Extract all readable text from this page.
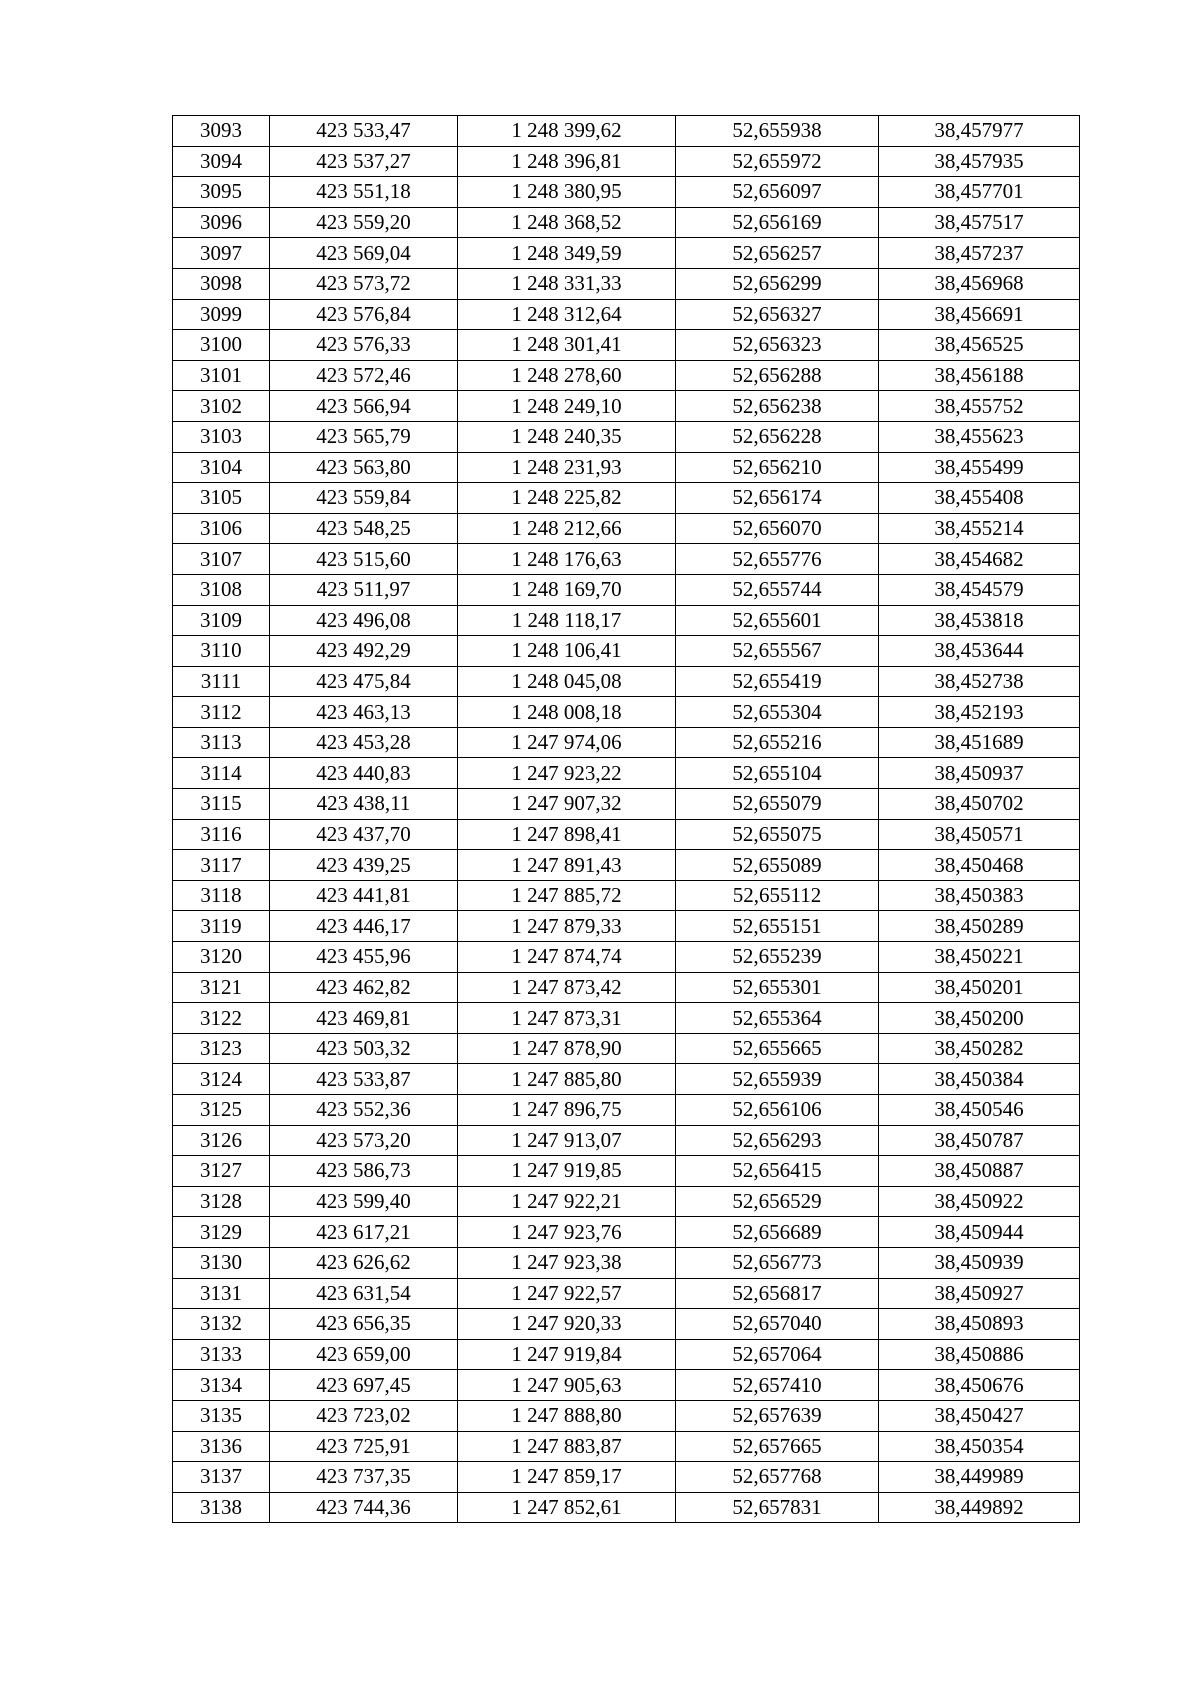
3093	423 533,47	1 248 399,62	52,655938	38,457977
3094	423 537,27	1 248 396,81	52,655972	38,457935
3095	423 551,18	1 248 380,95	52,656097	38,457701
3096	423 559,20	1 248 368,52	52,656169	38,457517
3097	423 569,04	1 248 349,59	52,656257	38,457237
3098	423 573,72	1 248 331,33	52,656299	38,456968
3099	423 576,84	1 248 312,64	52,656327	38,456691
3100	423 576,33	1 248 301,41	52,656323	38,456525
3101	423 572,46	1 248 278,60	52,656288	38,456188
3102	423 566,94	1 248 249,10	52,656238	38,455752
3103	423 565,79	1 248 240,35	52,656228	38,455623
3104	423 563,80	1 248 231,93	52,656210	38,455499
3105	423 559,84	1 248 225,82	52,656174	38,455408
3106	423 548,25	1 248 212,66	52,656070	38,455214
3107	423 515,60	1 248 176,63	52,655776	38,454682
3108	423 511,97	1 248 169,70	52,655744	38,454579
3109	423 496,08	1 248 118,17	52,655601	38,453818
3110	423 492,29	1 248 106,41	52,655567	38,453644
3111	423 475,84	1 248 045,08	52,655419	38,452738
3112	423 463,13	1 248 008,18	52,655304	38,452193
3113	423 453,28	1 247 974,06	52,655216	38,451689
3114	423 440,83	1 247 923,22	52,655104	38,450937
3115	423 438,11	1 247 907,32	52,655079	38,450702
3116	423 437,70	1 247 898,41	52,655075	38,450571
3117	423 439,25	1 247 891,43	52,655089	38,450468
3118	423 441,81	1 247 885,72	52,655112	38,450383
3119	423 446,17	1 247 879,33	52,655151	38,450289
3120	423 455,96	1 247 874,74	52,655239	38,450221
3121	423 462,82	1 247 873,42	52,655301	38,450201
3122	423 469,81	1 247 873,31	52,655364	38,450200
3123	423 503,32	1 247 878,90	52,655665	38,450282
3124	423 533,87	1 247 885,80	52,655939	38,450384
3125	423 552,36	1 247 896,75	52,656106	38,450546
3126	423 573,20	1 247 913,07	52,656293	38,450787
3127	423 586,73	1 247 919,85	52,656415	38,450887
3128	423 599,40	1 247 922,21	52,656529	38,450922
3129	423 617,21	1 247 923,76	52,656689	38,450944
3130	423 626,62	1 247 923,38	52,656773	38,450939
3131	423 631,54	1 247 922,57	52,656817	38,450927
3132	423 656,35	1 247 920,33	52,657040	38,450893
3133	423 659,00	1 247 919,84	52,657064	38,450886
3134	423 697,45	1 247 905,63	52,657410	38,450676
3135	423 723,02	1 247 888,80	52,657639	38,450427
3136	423 725,91	1 247 883,87	52,657665	38,450354
3137	423 737,35	1 247 859,17	52,657768	38,449989
3138	423 744,36	1 247 852,61	52,657831	38,449892
